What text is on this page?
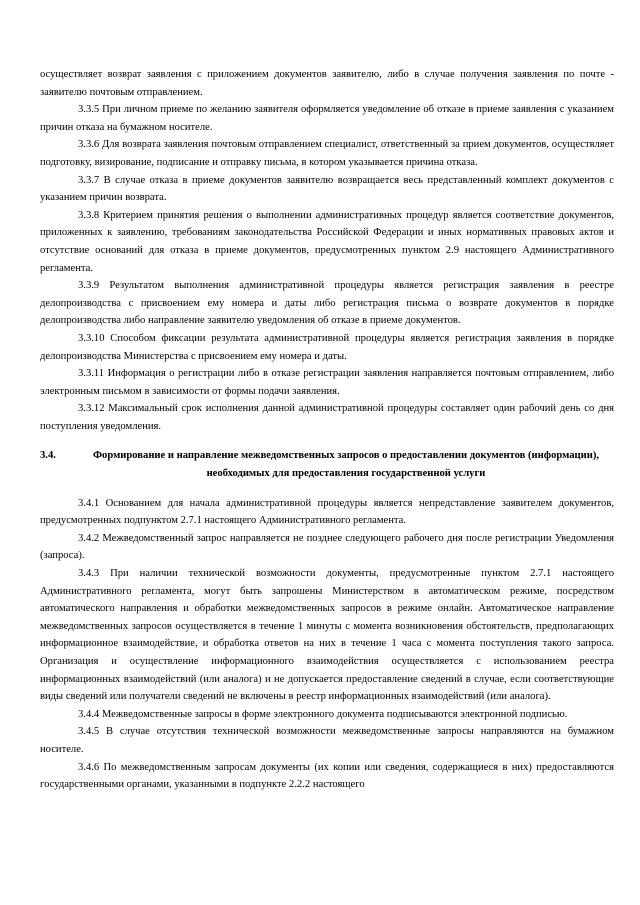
осуществляет возврат заявления с приложением документов заявителю, либо в случае получения заявления по почте - заявителю почтовым отправлением.

3.3.5 При личном приеме по желанию заявителя оформляется уведомление об отказе в приеме заявления с указанием причин отказа на бумажном носителе.

3.3.6 Для возврата заявления почтовым отправлением специалист, ответственный за прием документов, осуществляет подготовку, визирование, подписание и отправку письма, в котором указывается причина отказа.

3.3.7 В случае отказа в приеме документов заявителю возвращается весь представленный комплект документов с указанием причин возврата.

3.3.8 Критерием принятия решения о выполнении административных процедур является соответствие документов, приложенных к заявлению, требованиям законодательства Российской Федерации и иных нормативных правовых актов и отсутствие оснований для отказа в приеме документов, предусмотренных пунктом 2.9 настоящего Административного регламента.

3.3.9 Результатом выполнения административной процедуры является регистрация заявления в реестре делопроизводства с присвоением ему номера и даты либо регистрация письма о возврате документов в порядке делопроизводства либо направление заявителю уведомления об отказе в приеме документов.

3.3.10 Способом фиксации результата административной процедуры является регистрация заявления в порядке делопроизводства Министерства с присвоением ему номера и даты.

3.3.11 Информация о регистрации либо в отказе регистрации заявления направляется почтовым отправлением, либо электронным письмом в зависимости от формы подачи заявления.

3.3.12 Максимальный срок исполнения данной административной процедуры составляет один рабочий день со дня поступления уведомления.

3.4.	Формирование и направление межведомственных запросов о предоставлении документов (информации), необходимых для предоставления государственной услуги

3.4.1 Основанием для начала административной процедуры является непредставление заявителем документов, предусмотренных подпунктом 2.7.1 настоящего Административного регламента.

3.4.2 Межведомственный запрос направляется не позднее следующего рабочего дня после регистрации Уведомления (запроса).

3.4.3 При наличии технической возможности документы, предусмотренные пунктом 2.7.1 настоящего Административного регламента, могут быть запрошены Министерством в автоматическом режиме, посредством автоматического направления и обработки межведомственных запросов в режиме онлайн. Автоматическое направление межведомственных запросов осуществляется в течение 1 минуты с момента возникновения обстоятельств, предполагающих информационное взаимодействие, и обработка ответов на них в течение 1 часа с момента поступления такого запроса. Организация и осуществление информационного взаимодействия осуществляется с использованием реестра информационных взаимодействий (или аналога) и не допускается предоставление сведений в случае, если соответствующие виды сведений или получатели сведений не включены в реестр информационных взаимодействий (или аналога).

3.4.4 Межведомственные запросы в форме электронного документа подписываются электронной подписью.

3.4.5 В случае отсутствия технической возможности межведомственные запросы направляются на бумажном носителе.

3.4.6 По межведомственным запросам документы (их копии или сведения, содержащиеся в них) предоставляются государственными органами, указанными в подпункте 2.2.2 настоящего
